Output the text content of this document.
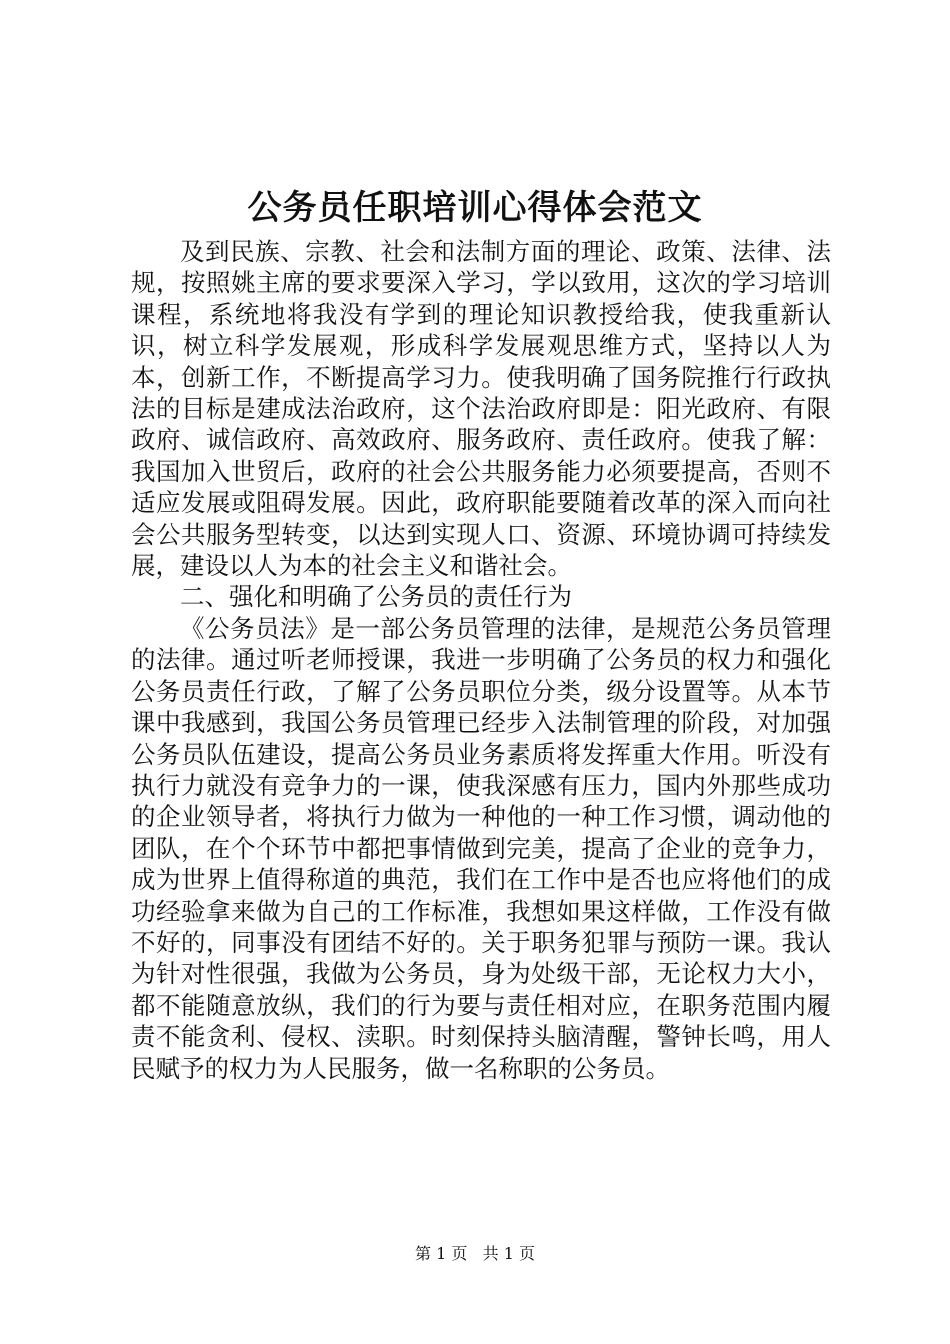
公务员任职培训心得体会范文

及到民族、宗教、社会和法制方面的理论、政策、法律、法规，按照姚主席的要求要深入学习，学以致用，这次的学习培训课程，系统地将我没有学到的理论知识教授给我，使我重新认识，树立科学发展观，形成科学发展观思维方式，坚持以人为本，创新工作，不断提高学习力。使我明确了国务院推行行政执法的目标是建成法治政府，这个法治政府即是：阳光政府、有限政府、诚信政府、高效政府、服务政府、责任政府。使我了解：我国加入世贸后，政府的社会公共服务能力必须要提高，否则不适应发展或阻碍发展。因此，政府职能要随着改革的深入而向社会公共服务型转变，以达到实现人口、资源、环境协调可持续发展，建设以人为本的社会主义和谐社会。

二、强化和明确了公务员的责任行为

《公务员法》是一部公务员管理的法律，是规范公务员管理的法律。通过听老师授课，我进一步明确了公务员的权力和强化公务员责任行政，了解了公务员职位分类，级分设置等。从本节课中我感到，我国公务员管理已经步入法制管理的阶段，对加强公务员队伍建设，提高公务员业务素质将发挥重大作用。听没有执行力就没有竞争力的一课，使我深感有压力，国内外那些成功的企业领导者，将执行力做为一种他的一种工作习惯，调动他的团队，在个个环节中都把事情做到完美，提高了企业的竞争力，成为世界上值得称道的典范，我们在工作中是否也应将他们的成功经验拿来做为自己的工作标准，我想如果这样做，工作没有做不好的，同事没有团结不好的。关于职务犯罪与预防一课。我认为针对性很强，我做为公务员，身为处级干部，无论权力大小，都不能随意放纵，我们的行为要与责任相对应，在职务范围内履责不能贪利、侵权、渎职。时刻保持头脑清醒，警钟长鸣，用人民赋予的权力为人民服务，做一名称职的公务员。

第 1 页 共 1 页
